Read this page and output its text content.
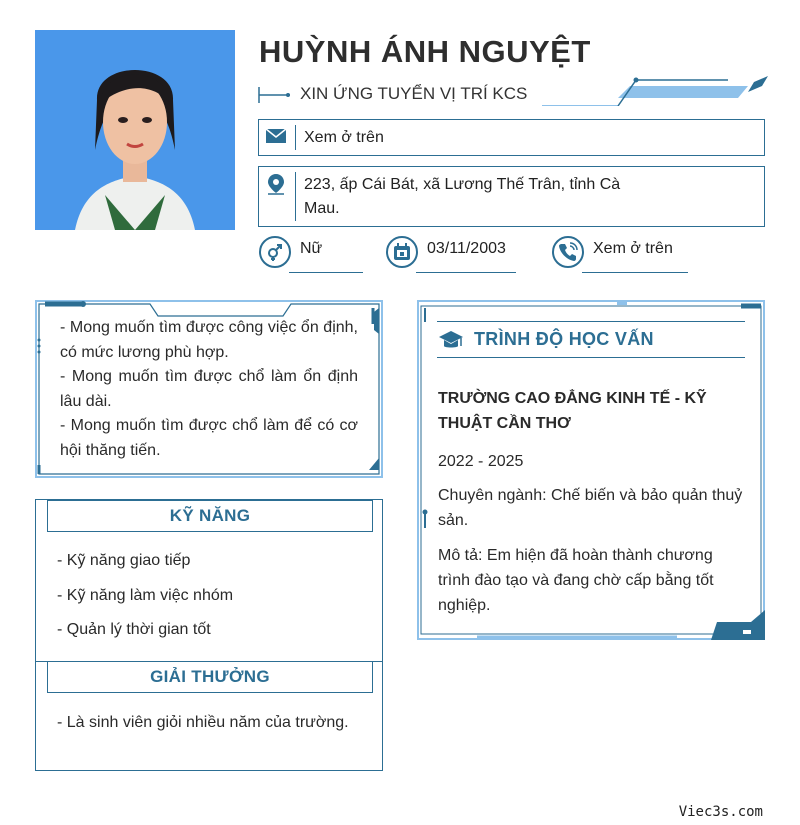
HUỲNH ÁNH NGUYỆT
XIN ỨNG TUYỂN VỊ TRÍ KCS
Xem ở trên
223, ấp Cái Bát, xã Lương Thế Trân, tỉnh Cà Mau.
Nữ	03/11/2003	Xem ở trên

- Mong muốn tìm được công việc ổn định, có mức lương phù hợp.

- Mong muốn tìm được chổ làm ổn định lâu dài.

- Mong muốn tìm được chổ làm để có cơ hội thăng tiến.

KỸ NĂNG
- Kỹ năng giao tiếp
- Kỹ năng làm việc nhóm
- Quản lý thời gian tốt
GIẢI THƯỞNG
- Là sinh viên giỏi nhiều năm của trường.
TRÌNH ĐỘ HỌC VẤN
TRƯỜNG CAO ĐẲNG KINH TẾ - KỸ THUẬT CẦN THƠ
2022 - 2025
Chuyên ngành: Chế biến và bảo quản thuỷ sản.
Mô tả: Em hiện đã hoàn thành chương trình đào tạo và đang chờ cấp bằng tốt nghiệp.
Viec3s.com
